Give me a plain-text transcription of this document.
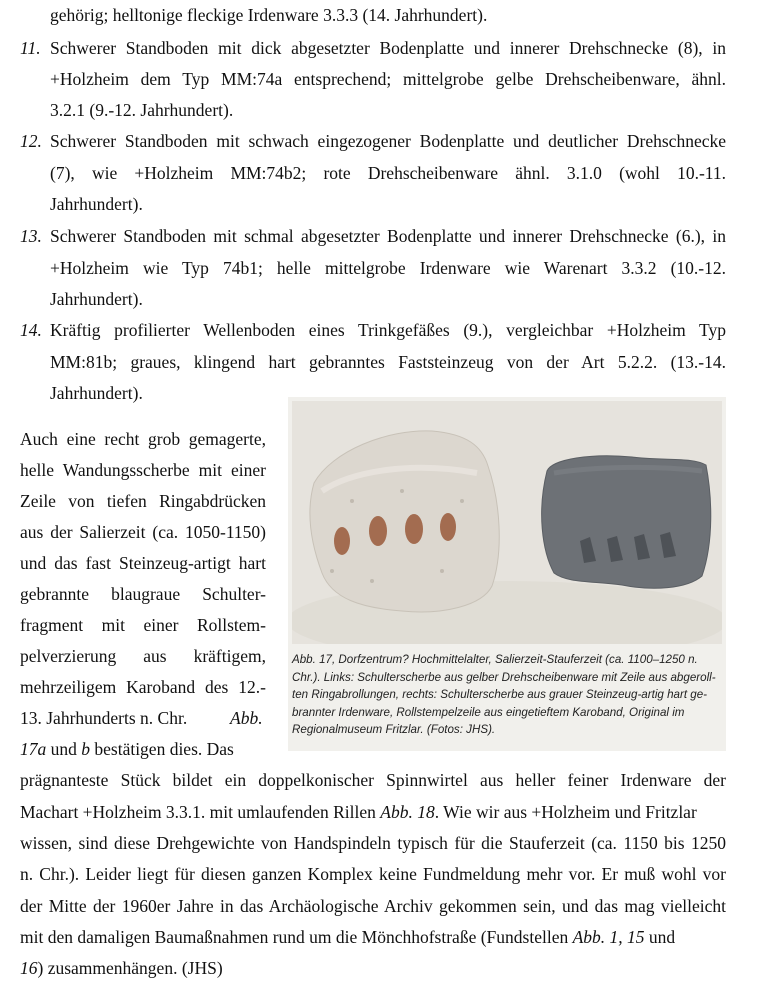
gehörig; helltonige fleckige Irdenware 3.3.3 (14. Jahrhundert).
11. Schwerer Standboden mit dick abgesetzter Bodenplatte und innerer Drehschnecke (8), in
+Holzheim dem Typ MM:74a entsprechend; mittelgrobe gelbe Drehscheibenware, ähnl.
3.2.1 (9.-12. Jahrhundert).
12. Schwerer Standboden mit schwach eingezogener Bodenplatte und deutlicher Drehschnecke
(7), wie +Holzheim MM:74b2; rote Drehscheibenware ähnl. 3.1.0 (wohl 10.-11.
Jahrhundert).
13. Schwerer Standboden mit schmal abgesetzter Bodenplatte und innerer Drehschnecke (6.), in
+Holzheim wie Typ 74b1; helle mittelgrobe Irdenware wie Warenart 3.3.2 (10.-12.
Jahrhundert).
14. Kräftig profilierter Wellenboden eines Trinkgefäßes (9.), vergleichbar +Holzheim Typ
MM:81b; graues, klingend hart gebranntes Faststeinzeug von der Art 5.2.2. (13.-14.
Jahrhundert).
Auch eine recht grob gemagerte,
helle Wandungsscherbe mit einer
Zeile von tiefen Ringabdrücken
aus der Salierzeit (ca. 1050-1150)
und das fast Steinzeug-artigt hart
gebrannte blaugraue Schulter-
fragment mit einer Rollstem-
pelverzierung aus kräftigem,
mehrzeiligem Karoband des 12.-
13. Jahrhunderts n. Chr. Abb.
17a und b bestätigen dies. Das
Abb. 17, Dorfzentrum? Hochmittelalter, Salierzeit-Stauferzeit (ca. 1100–1250 n.
Chr.). Links: Schulterscherbe aus gelber Drehscheibenware mit Zeile aus abgeroll-
ten Ringabrollungen, rechts: Schulterscherbe aus grauer Steinzeug-artig hart ge-
brannter Irdenware, Rollstempelzeile aus eingetieftem Karoband, Original im
Regionalmuseum Fritzlar. (Fotos: JHS).
prägnanteste Stück bildet ein doppelkonischer Spinnwirtel aus heller feiner Irdenware der
Machart +Holzheim 3.3.1. mit umlaufenden Rillen Abb. 18. Wie wir aus +Holzheim und Fritzlar
wissen, sind diese Drehgewichte von Handspindeln typisch für die Stauferzeit (ca. 1150 bis 1250
n. Chr.). Leider liegt für diesen ganzen Komplex keine Fundmeldung mehr vor. Er muß wohl vor
der Mitte der 1960er Jahre in das Archäologische Archiv gekommen sein, und das mag vielleicht
mit den damaligen Baumaßnahmen rund um die Mönchhofstraße (Fundstellen Abb. 1, 15 und
16) zusammenhängen. (JHS)
